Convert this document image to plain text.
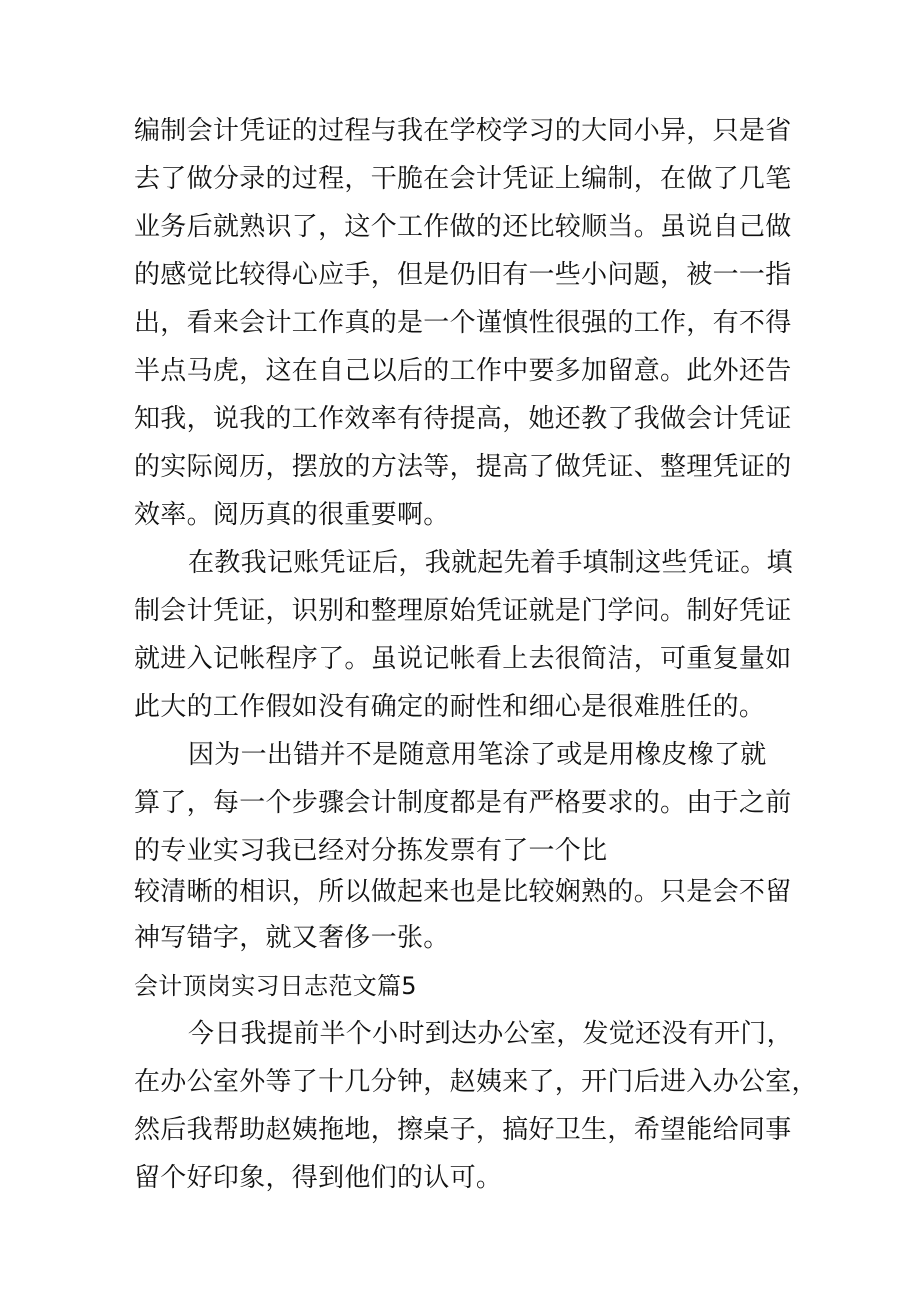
编制会计凭证的过程与我在学校学习的大同小异，只是省
去了做分录的过程，干脆在会计凭证上编制，在做了几笔
业务后就熟识了，这个工作做的还比较顺当。虽说自己做
的感觉比较得心应手，但是仍旧有一些小问题，被一一指
出，看来会计工作真的是一个谨慎性很强的工作，有不得
半点马虎，这在自己以后的工作中要多加留意。此外还告
知我，说我的工作效率有待提高，她还教了我做会计凭证
的实际阅历，摆放的方法等，提高了做凭证、整理凭证的
效率。阅历真的很重要啊。
在教我记账凭证后，我就起先着手填制这些凭证。填
制会计凭证，识别和整理原始凭证就是门学问。制好凭证
就进入记帐程序了。虽说记帐看上去很简洁，可重复量如
此大的工作假如没有确定的耐性和细心是很难胜任的。
因为一出错并不是随意用笔涂了或是用橡皮橡了就
算了，每一个步骤会计制度都是有严格要求的。由于之前
的专业实习我已经对分拣发票有了一个比
较清晰的相识，所以做起来也是比较娴熟的。只是会不留
神写错字，就又奢侈一张。
会计顶岗实习日志范文篇5
今日我提前半个小时到达办公室，发觉还没有开门，
在办公室外等了十几分钟，赵姨来了，开门后进入办公室，
然后我帮助赵姨拖地，擦桌子，搞好卫生，希望能给同事
留个好印象，得到他们的认可。
